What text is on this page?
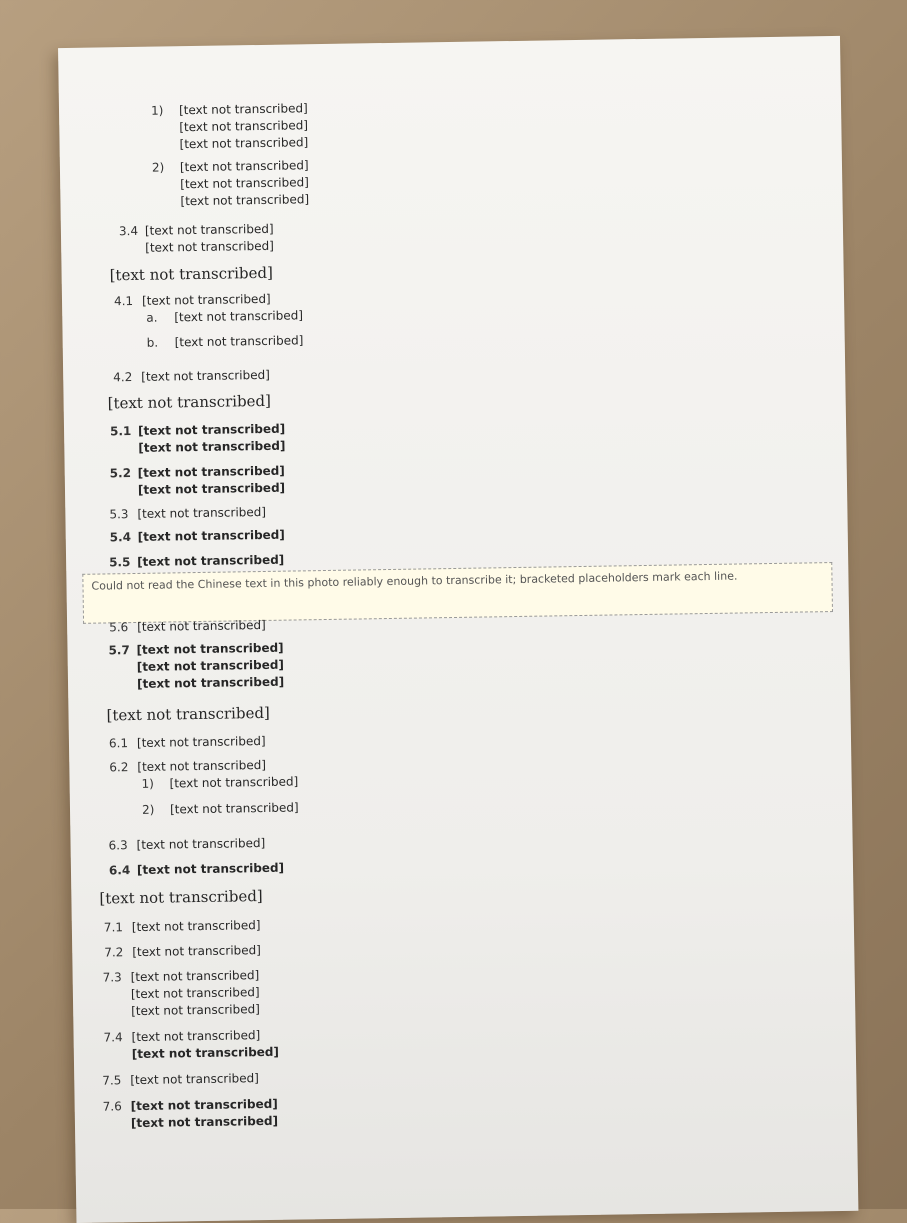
Could not read the Chinese text in this photo reliably enough to transcribe it; bracketed placeholders mark each line.
1) [text not transcribed]
[text not transcribed]
[text not transcribed]
2) [text not transcribed]
[text not transcribed]
[text not transcribed]
3.4 [text not transcribed]
[text not transcribed]
[text not transcribed]
4.1 [text not transcribed]
a. [text not transcribed]
b. [text not transcribed]
4.2 [text not transcribed]
[text not transcribed]
5.1 [text not transcribed]
[text not transcribed]
5.2 [text not transcribed]
[text not transcribed]
5.3 [text not transcribed]
5.4 [text not transcribed]
5.5 [text not transcribed]
5.6 [text not transcribed]
5.7 [text not transcribed]
[text not transcribed]
[text not transcribed]
[text not transcribed]
6.1 [text not transcribed]
6.2 [text not transcribed]
1) [text not transcribed]
2) [text not transcribed]
6.3 [text not transcribed]
6.4 [text not transcribed]
[text not transcribed]
7.1 [text not transcribed]
7.2 [text not transcribed]
7.3 [text not transcribed]
[text not transcribed]
[text not transcribed]
7.4 [text not transcribed]
[text not transcribed]
7.5 [text not transcribed]
7.6 [text not transcribed]
[text not transcribed]
